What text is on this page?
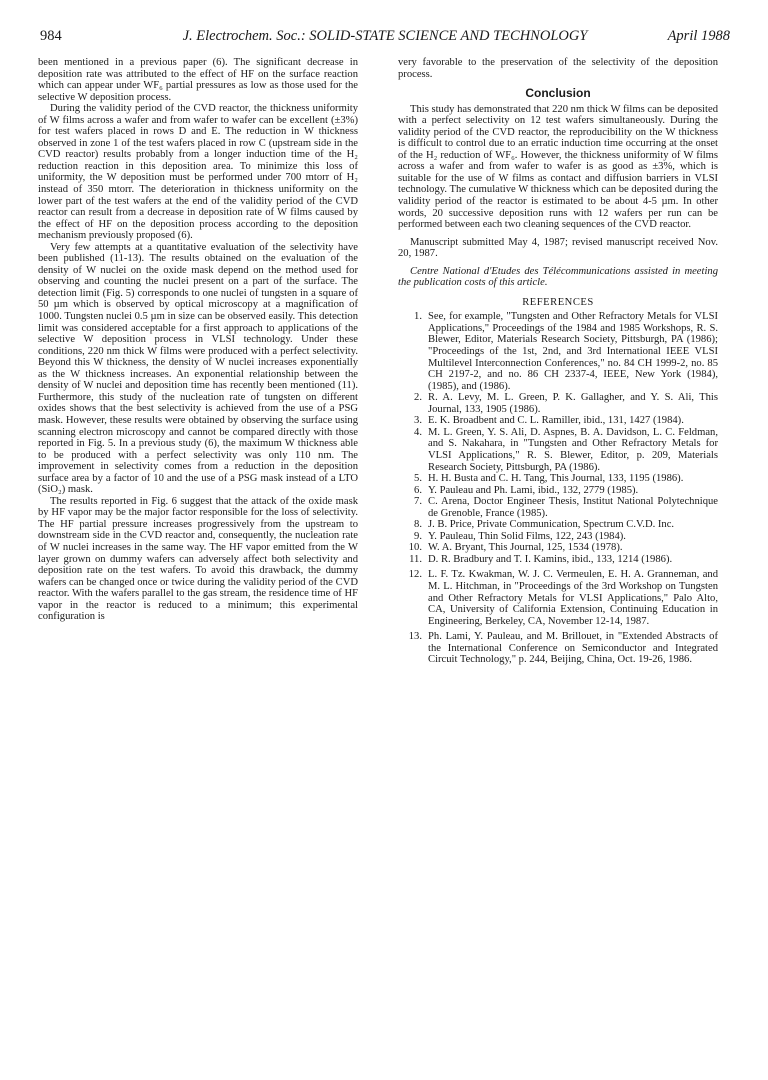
984	J. Electrochem. Soc.: SOLID-STATE SCIENCE AND TECHNOLOGY	April 1988

been mentioned in a previous paper (6). The significant decrease in deposition rate was attributed to the effect of HF on the surface reaction which can appear under WF₆ partial pressures as low as those used for the selective W deposition process.

During the validity period of the CVD reactor, the thickness uniformity of W films across a wafer and from wafer to wafer can be excellent (±3%) for test wafers placed in rows D and E. The reduction in W thickness observed in zone 1 of the test wafers placed in row C (upstream side in the CVD reactor) results probably from a longer induction time of the H₂ reduction reaction in this deposition area. To minimize this loss of uniformity, the W deposition must be performed under 700 mtorr of H₂ instead of 350 mtorr. The deterioration in thickness uniformity on the lower part of the test wafers at the end of the validity period of the CVD reactor can result from a decrease in deposition rate of W films caused by the effect of HF on the deposition process according to the deposition mechanism previously proposed (6).

Very few attempts at a quantitative evaluation of the selectivity have been published (11-13). The results obtained on the evaluation of the density of W nuclei on the oxide mask depend on the method used for observing and counting the nuclei present on a part of the surface. The detection limit (Fig. 5) corresponds to one nuclei of tungsten in a square of 50 µm which is observed by optical microscopy at a magnification of 1000. Tungsten nuclei 0.5 µm in size can be observed easily. This detection limit was considered acceptable for a first approach to applications of the selective W deposition process in VLSI technology. Under these conditions, 220 nm thick W films were produced with a perfect selectivity. Beyond this W thickness, the density of W nuclei increases exponentially as the W thickness increases. An exponential relationship between the density of W nuclei and deposition time has recently been mentioned (11). Furthermore, this study of the nucleation rate of tungsten on different oxides shows that the best selectivity is achieved from the use of a PSG mask. However, these results were obtained by observing the surface using scanning electron microscopy and cannot be compared directly with those reported in Fig. 5. In a previous study (6), the maximum W thickness able to be produced with a perfect selectivity was only 110 nm. The improvement in selectivity comes from a reduction in the deposition surface area by a factor of 10 and the use of a PSG mask instead of a LTO (SiO₂) mask.

The results reported in Fig. 6 suggest that the attack of the oxide mask by HF vapor may be the major factor responsible for the loss of selectivity. The HF partial pressure increases progressively from the upstream to downstream side in the CVD reactor and, consequently, the nucleation rate of W nuclei increases in the same way. The HF vapor emitted from the W layer grown on dummy wafers can adversely affect both selectivity and deposition rate on the test wafers. To avoid this drawback, the dummy wafers can be changed once or twice during the validity period of the CVD reactor. With the wafers parallel to the gas stream, the residence time of HF vapor in the reactor is reduced to a minimum; this experimental configuration is

very favorable to the preservation of the selectivity of the deposition process.

Conclusion

This study has demonstrated that 220 nm thick W films can be deposited with a perfect selectivity on 12 test wafers simultaneously. During the validity period of the CVD reactor, the reproducibility on the W thickness is difficult to control due to an erratic induction time occurring at the onset of the H₂ reduction of WF₆. However, the thickness uniformity of W films across a wafer and from wafer to wafer is as good as ±3%, which is suitable for the use of W films as contact and diffusion barriers in VLSI technology. The cumulative W thickness which can be deposited during the validity period of the reactor is estimated to be about 4-5 µm. In other words, 20 successive deposition runs with 12 wafers per run can be performed between each two cleaning sequences of the CVD reactor.

Manuscript submitted May 4, 1987; revised manuscript received Nov. 20, 1987.

Centre National d'Etudes des Télécommunications assisted in meeting the publication costs of this article.

REFERENCES
1. See, for example, "Tungsten and Other Refractory Metals for VLSI Applications," Proceedings of the 1984 and 1985 Workshops, R. S. Blewer, Editor, Materials Research Society, Pittsburgh, PA (1986); "Proceedings of the 1st, 2nd, and 3rd International IEEE VLSI Multilevel Interconnection Conferences," no. 84 CH 1999-2, no. 85 CH 2197-2, and no. 86 CH 2337-4, IEEE, New York (1984), (1985), and (1986).
2. R. A. Levy, M. L. Green, P. K. Gallagher, and Y. S. Ali, This Journal, 133, 1905 (1986).
3. E. K. Broadbent and C. L. Ramiller, ibid., 131, 1427 (1984).
4. M. L. Green, Y. S. Ali, D. Aspnes, B. A. Davidson, L. C. Feldman, and S. Nakahara, in "Tungsten and Other Refractory Metals for VLSI Applications," R. S. Blewer, Editor, p. 209, Materials Research Society, Pittsburgh, PA (1986).
5. H. H. Busta and C. H. Tang, This Journal, 133, 1195 (1986).
6. Y. Pauleau and Ph. Lami, ibid., 132, 2779 (1985).
7. C. Arena, Doctor Engineer Thesis, Institut National Polytechnique de Grenoble, France (1985).
8. J. B. Price, Private Communication, Spectrum C.V.D. Inc.
9. Y. Pauleau, Thin Solid Films, 122, 243 (1984).
10. W. A. Bryant, This Journal, 125, 1534 (1978).
11. D. R. Bradbury and T. I. Kamins, ibid., 133, 1214 (1986).
12. L. F. Tz. Kwakman, W. J. C. Vermeulen, E. H. A. Granneman, and M. L. Hitchman, in "Proceedings of the 3rd Workshop on Tungsten and Other Refractory Metals for VLSI Applications," Palo Alto, CA, University of California Extension, Continuing Education in Engineering, Berkeley, CA, November 12-14, 1987.
13. Ph. Lami, Y. Pauleau, and M. Brillouet, in "Extended Abstracts of the International Conference on Semiconductor and Integrated Circuit Technology," p. 244, Beijing, China, Oct. 19-26, 1986.
